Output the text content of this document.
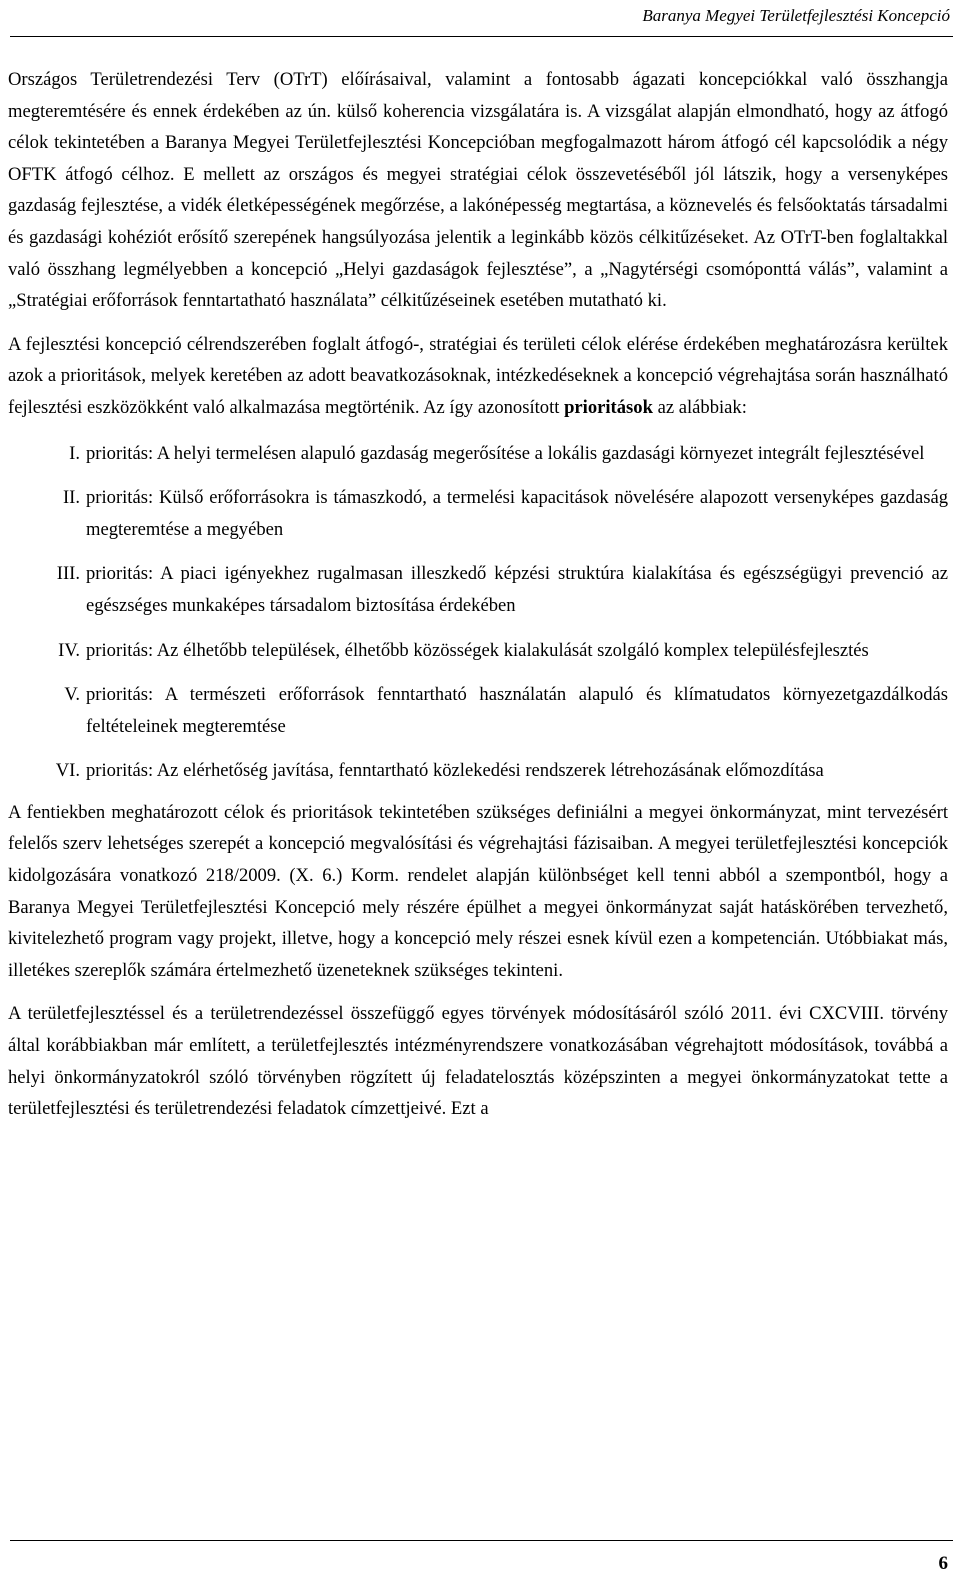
Baranya Megyei Területfejlesztési Koncepció

Országos Területrendezési Terv (OTrT) előírásaival, valamint a fontosabb ágazati koncepciókkal való összhangja megteremtésére és ennek érdekében az ún. külső koherencia vizsgálatára is. A vizsgálat alapján elmondható, hogy az átfogó célok tekintetében a Baranya Megyei Területfejlesztési Koncepcióban megfogalmazott három átfogó cél kapcsolódik a négy OFTK átfogó célhoz. E mellett az országos és megyei stratégiai célok összevetéséből jól látszik, hogy a versenyképes gazdaság fejlesztése, a vidék életképességének megőrzése, a lakónépesség megtartása, a köznevelés és felsőoktatás társadalmi és gazdasági kohéziót erősítő szerepének hangsúlyozása jelentik a leginkább közös célkitűzéseket. Az OTrT-ben foglaltakkal való összhang legmélyebben a koncepció „Helyi gazdaságok fejlesztése”, a „Nagytérségi csomóponttá válás”, valamint a „Stratégiai erőforrások fenntartatható használata” célkitűzéseinek esetében mutatható ki.

A fejlesztési koncepció célrendszerében foglalt átfogó-, stratégiai és területi célok elérése érdekében meghatározásra kerültek azok a prioritások, melyek keretében az adott beavatkozásoknak, intézkedéseknek a koncepció végrehajtása során használható fejlesztési eszközökként való alkalmazása megtörténik. Az így azonosított prioritások az alábbiak:

I. prioritás: A helyi termelésen alapuló gazdaság megerősítése a lokális gazdasági környezet integrált fejlesztésével
II. prioritás: Külső erőforrásokra is támaszkodó, a termelési kapacitások növelésére alapozott versenyképes gazdaság megteremtése a megyében
III. prioritás: A piaci igényekhez rugalmasan illeszkedő képzési struktúra kialakítása és egészségügyi prevenció az egészséges munkaképes társadalom biztosítása érdekében
IV. prioritás: Az élhetőbb települések, élhetőbb közösségek kialakulását szolgáló komplex településfejlesztés
V. prioritás: A természeti erőforrások fenntartható használatán alapuló és klímatudatos környezetgazdálkodás feltételeinek megteremtése
VI. prioritás: Az elérhetőség javítása, fenntartható közlekedési rendszerek létrehozásának előmozdítása

A fentiekben meghatározott célok és prioritások tekintetében szükséges definiálni a megyei önkormányzat, mint tervezésért felelős szerv lehetséges szerepét a koncepció megvalósítási és végrehajtási fázisaiban. A megyei területfejlesztési koncepciók kidolgozására vonatkozó 218/2009. (X. 6.) Korm. rendelet alapján különbséget kell tenni abból a szempontból, hogy a Baranya Megyei Területfejlesztési Koncepció mely részére épülhet a megyei önkormányzat saját hatáskörében tervezhető, kivitelezhető program vagy projekt, illetve, hogy a koncepció mely részei esnek kívül ezen a kompetencián. Utóbbiakat más, illetékes szereplők számára értelmezhető üzeneteknek szükséges tekinteni.

A területfejlesztéssel és a területrendezéssel összefüggő egyes törvények módosításáról szóló 2011. évi CXCVIII. törvény által korábbiakban már említett, a területfejlesztés intézményrendszere vonatkozásában végrehajtott módosítások, továbbá a helyi önkormányzatokról szóló törvényben rögzített új feladatelosztás középszinten a megyei önkormányzatokat tette a területfejlesztési és területrendezési feladatok címzettjeivé. Ezt a

6
